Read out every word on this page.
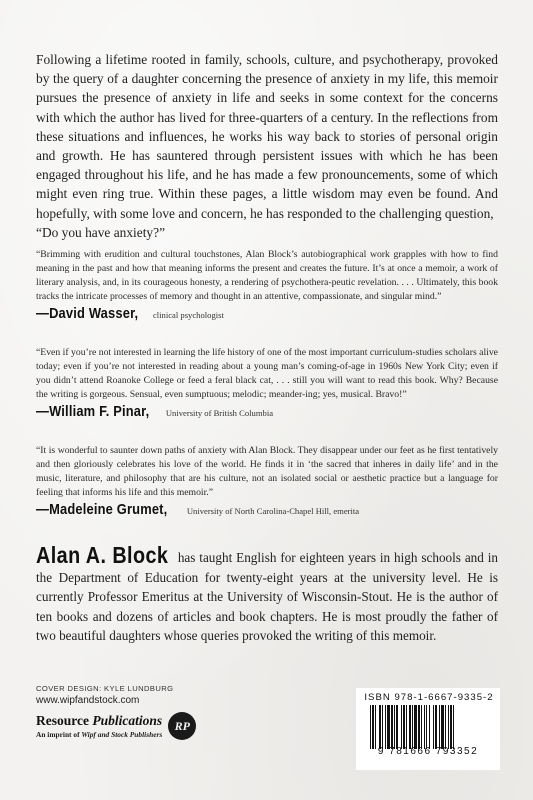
Following a lifetime rooted in family, schools, culture, and psychotherapy, provoked by the query of a daughter concerning the presence of anxiety in my life, this memoir pursues the presence of anxiety in life and seeks in some context for the concerns with which the author has lived for three-quarters of a century. In the reflections from these situations and influences, he works his way back to stories of personal origin and growth. He has sauntered through persistent issues with which he has been engaged throughout his life, and he has made a few pronouncements, some of which might even ring true. Within these pages, a little wisdom may even be found. And hopefully, with some love and concern, he has responded to the challenging question,
“Do you have anxiety?”
“Brimming with erudition and cultural touchstones, Alan Block’s autobiographical work grapples with how to find meaning in the past and how that meaning informs the present and creates the future. It’s at once a memoir, a work of literary analysis, and, in its courageous honesty, a rendering of psychothera-peutic revelation. . . . Ultimately, this book tracks the intricate processes of memory and thought in an attentive, compassionate, and singular mind.”
—David Wasser, clinical psychologist
“Even if you’re not interested in learning the life history of one of the most important curriculum-studies scholars alive today; even if you’re not interested in reading about a young man’s coming-of-age in 1960s New York City; even if you didn’t attend Roanoke College or feed a feral black cat, . . . still you will want to read this book. Why? Because the writing is gorgeous. Sensual, even sumptuous; melodic; meander-ing; yes, musical. Bravo!”
—William F. Pinar, University of British Columbia
“It is wonderful to saunter down paths of anxiety with Alan Block. They disappear under our feet as he first tentatively and then gloriously celebrates his love of the world. He finds it in ‘the sacred that inheres in daily life’ and in the music, literature, and philosophy that are his culture, not an isolated social or aesthetic practice but a language for feeling that informs his life and this memoir.”
—Madeleine Grumet, University of North Carolina-Chapel Hill, emerita
Alan A. Block has taught English for eighteen years in high schools and in the Department of Education for twenty-eight years at the university level. He is currently Professor Emeritus at the University of Wisconsin-Stout. He is the author of ten books and dozens of articles and book chapters. He is most proudly the father of two beautiful daughters whose queries provoked the writing of this memoir.
COVER DESIGN: KYLE LUNDBURG
www.wipfandstock.com
Resource Publications
An imprint of Wipf and Stock Publishers
RP
ISBN 978-1-6667-9335-2
9 781666 793352
